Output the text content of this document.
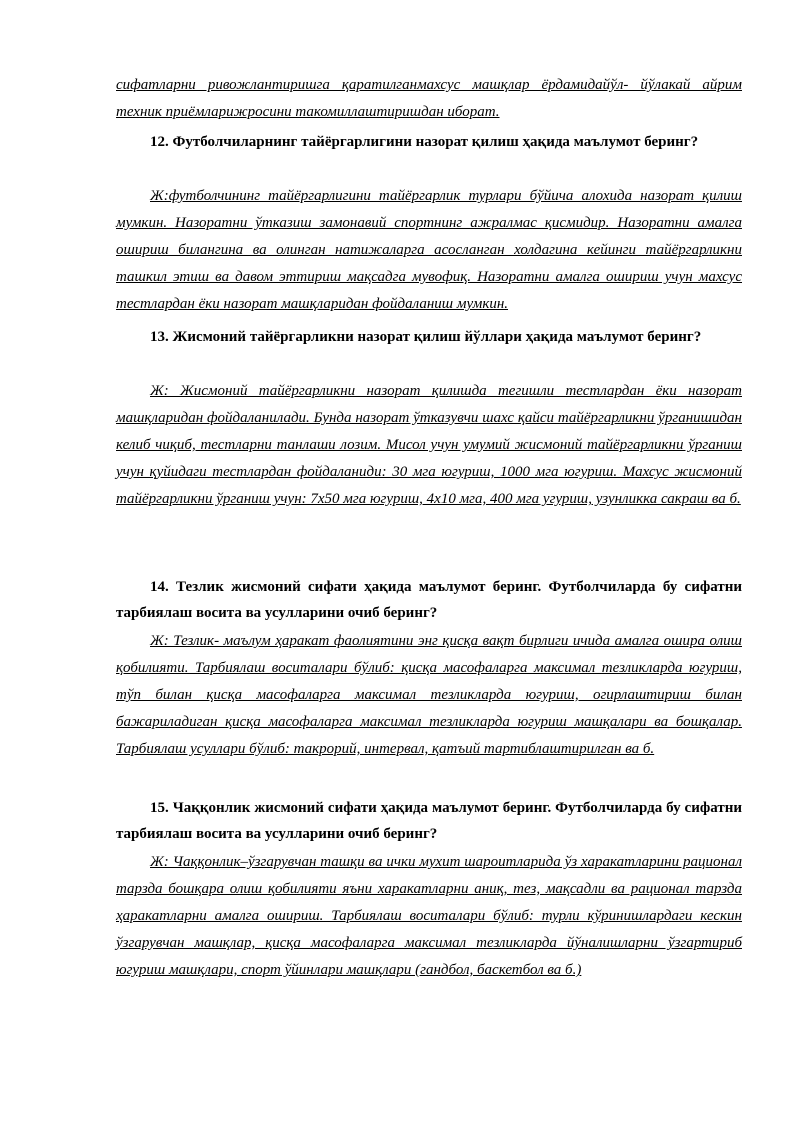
сифатларни ривожлантиришга қаратилганмахсус машқлар ёрдамидайўл- йўлакай айрим техник приёмларижросини такомиллаштиришдан иборат.

12. Футболчиларнинг тайёргарлигини назорат қилиш ҳақида маълумот беринг?

Ж:футболчининг тайёргарлигини тайёргарлик турлари бўйича алохида назорат қилиш мумкин. Назоратни ўтказиш замонавий спортнинг ажралмас қисмидир. Назоратни амалга ошириш билангина ва олинган натижаларга асосланган холдагина кейинги тайёргарликни ташкил этиш ва давом эттириш мақсадга мувофиқ. Назоратни амалга ошириш учун махсус тестлардан ёки назорат машқларидан фойдаланиш мумкин.

13. Жисмоний тайёргарликни назорат қилиш йўллари ҳақида маълумот беринг?

Ж: Жисмоний тайёргарликни назорат қилишда тегишли тестлардан ёки назорат машқларидан фойдаланилади. Бунда назорат ўтказувчи шахс қайси тайёргарликни ўрганишидан келиб чиқиб, тестларни танлаши лозим. Мисол учун умумий жисмоний тайёргарликни ўрганиш учун қуйидаги тестлардан фойдаланиди: 30 мга югуриш, 1000 мга югуриш. Махсус жисмоний тайёргарликни ўрганиш учун: 7х50 мга югуриш, 4х10 мга, 400 мга угуриш, узунликка сакраш ва б.

14. Тезлик жисмоний сифати ҳақида маълумот беринг. Футболчиларда бу сифатни тарбиялаш восита ва усулларини очиб беринг?

Ж: Тезлик- маълум ҳаракат фаолиятини энг қисқа вақт бирлиги ичида амалга ошира олиш қобилияти. Тарбиялаш воситалари бўлиб: қисқа масофаларга максимал тезликларда югуриш, тўп билан қисқа масофаларга максимал тезликларда югуриш, огирлаштириш билан бажариладиган қисқа масофаларга максимал тезликларда югуриш машқалари ва бошқалар. Тарбиялаш усуллари бўлиб: такрорий, интервал, қатъий тартиблаштирилган ва б.

15. Чаққонлик жисмоний сифати ҳақида маълумот беринг. Футболчиларда бу сифатни тарбиялаш восита ва усулларини очиб беринг?

Ж: Чаққонлик–ўзгарувчан ташқи ва ички мухит шароитларида ўз харакатларини рационал тарзда бошқара олиш қобилияти яъни харакатларни аниқ, тез, мақсадли ва рационал тарзда ҳаракатларни амалга ошириш. Тарбиялаш воситалари бўлиб: турли кўринишлардаги кескин ўзгарувчан машқлар, қисқа масофаларга максимал тезликларда йўналишларни ўзгартириб югуриш машқлари, спорт ўйинлари машқлари (гандбол, баскетбол ва б.)
